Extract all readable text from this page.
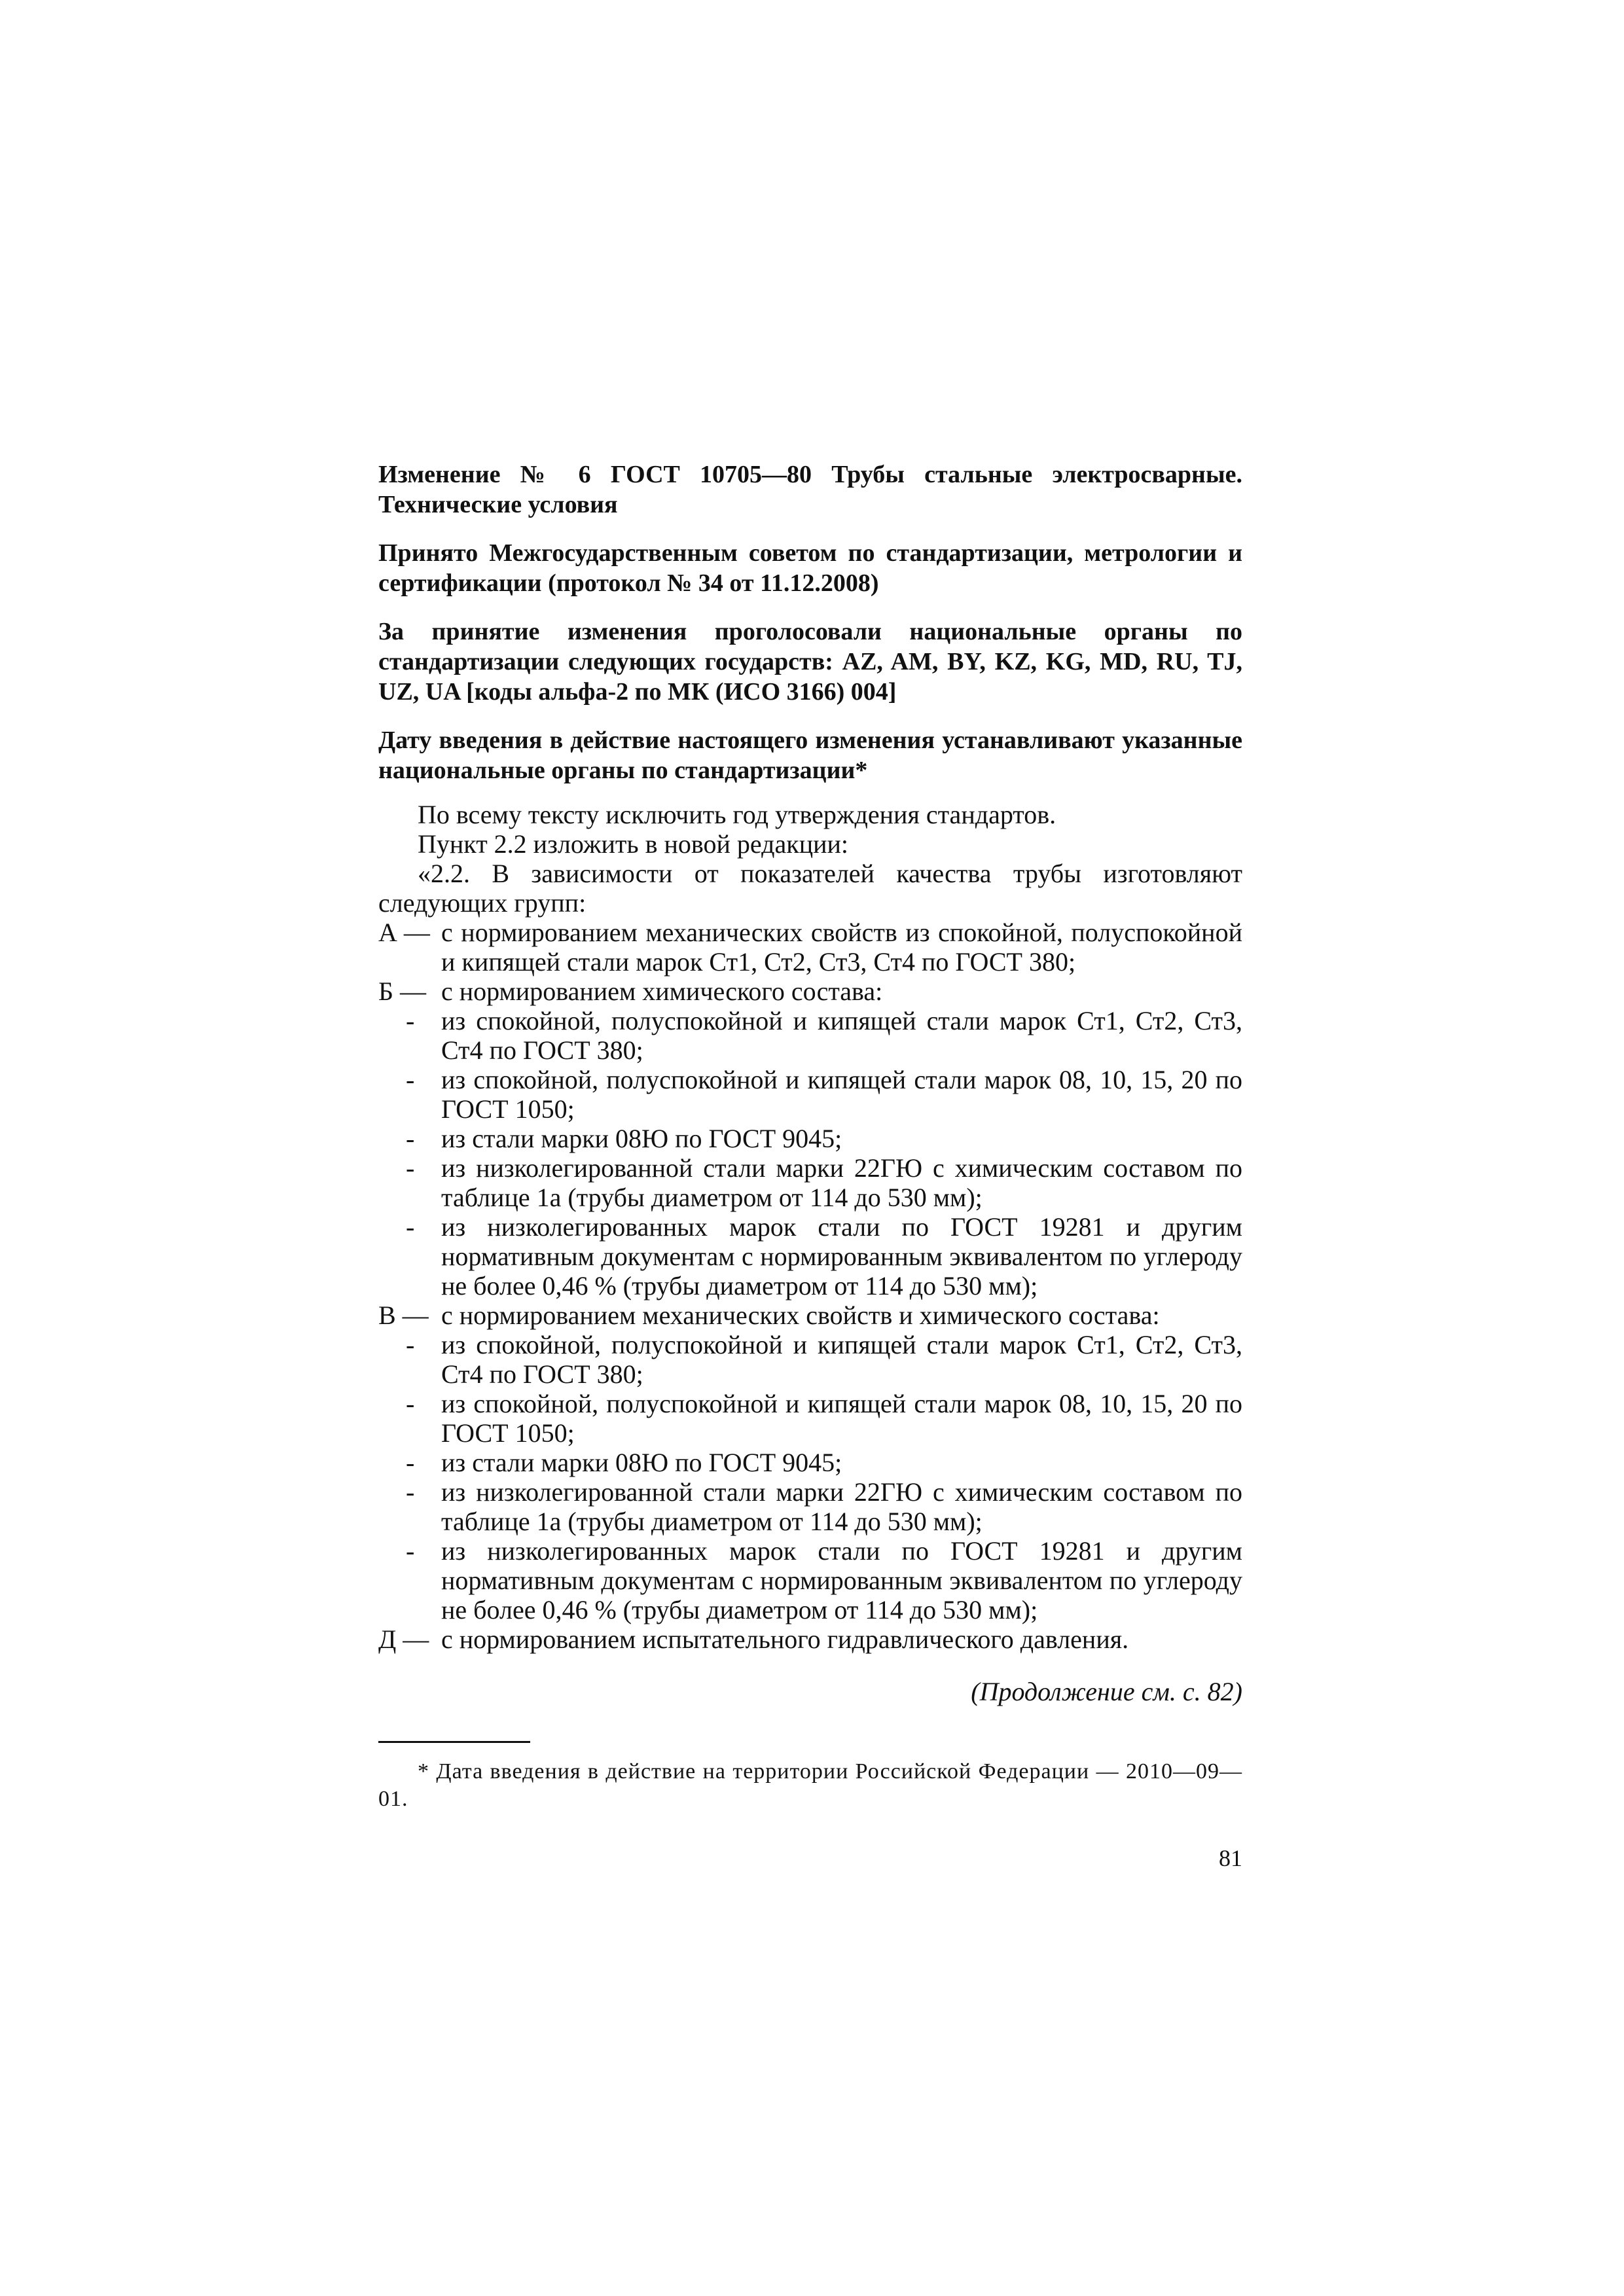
Изменение № 6 ГОСТ 10705—80 Трубы стальные электросварные. Технические условия

Принято Межгосударственным советом по стандартизации, метрологии и сертификации (протокол № 34 от 11.12.2008)

За принятие изменения проголосовали национальные органы по стандартизации следующих государств: AZ, AM, BY, KZ, KG, MD, RU, TJ, UZ, UA [коды альфа-2 по МК (ИСО 3166) 004]

Дату введения в действие настоящего изменения устанавливают указанные национальные органы по стандартизации*

По всему тексту исключить год утверждения стандартов.

Пункт 2.2 изложить в новой редакции:

«2.2. В зависимости от показателей качества трубы изготовляют следующих групп:

А — с нормированием механических свойств из спокойной, полуспокойной и кипящей стали марок Ст1, Ст2, Ст3, Ст4 по ГОСТ 380;

Б — с нормированием химического состава:

- из спокойной, полуспокойной и кипящей стали марок Ст1, Ст2, Ст3, Ст4 по ГОСТ 380;
- из спокойной, полуспокойной и кипящей стали марок 08, 10, 15, 20 по ГОСТ 1050;
- из стали марки 08Ю по ГОСТ 9045;
- из низколегированной стали марки 22ГЮ с химическим составом по таблице 1а (трубы диаметром от 114 до 530 мм);
- из низколегированных марок стали по ГОСТ 19281 и другим нормативным документам с нормированным эквивалентом по углероду не более 0,46 % (трубы диаметром от 114 до 530 мм);

В — с нормированием механических свойств и химического состава:

- из спокойной, полуспокойной и кипящей стали марок Ст1, Ст2, Ст3, Ст4 по ГОСТ 380;
- из спокойной, полуспокойной и кипящей стали марок 08, 10, 15, 20 по ГОСТ 1050;
- из стали марки 08Ю по ГОСТ 9045;
- из низколегированной стали марки 22ГЮ с химическим составом по таблице 1а (трубы диаметром от 114 до 530 мм);
- из низколегированных марок стали по ГОСТ 19281 и другим нормативным документам с нормированным эквивалентом по углероду не более 0,46 % (трубы диаметром от 114 до 530 мм);

Д — с нормированием испытательного гидравлического давления.

(Продолжение см. с. 82)
* Дата введения в действие на территории Российской Федерации — 2010—09—01.
81
